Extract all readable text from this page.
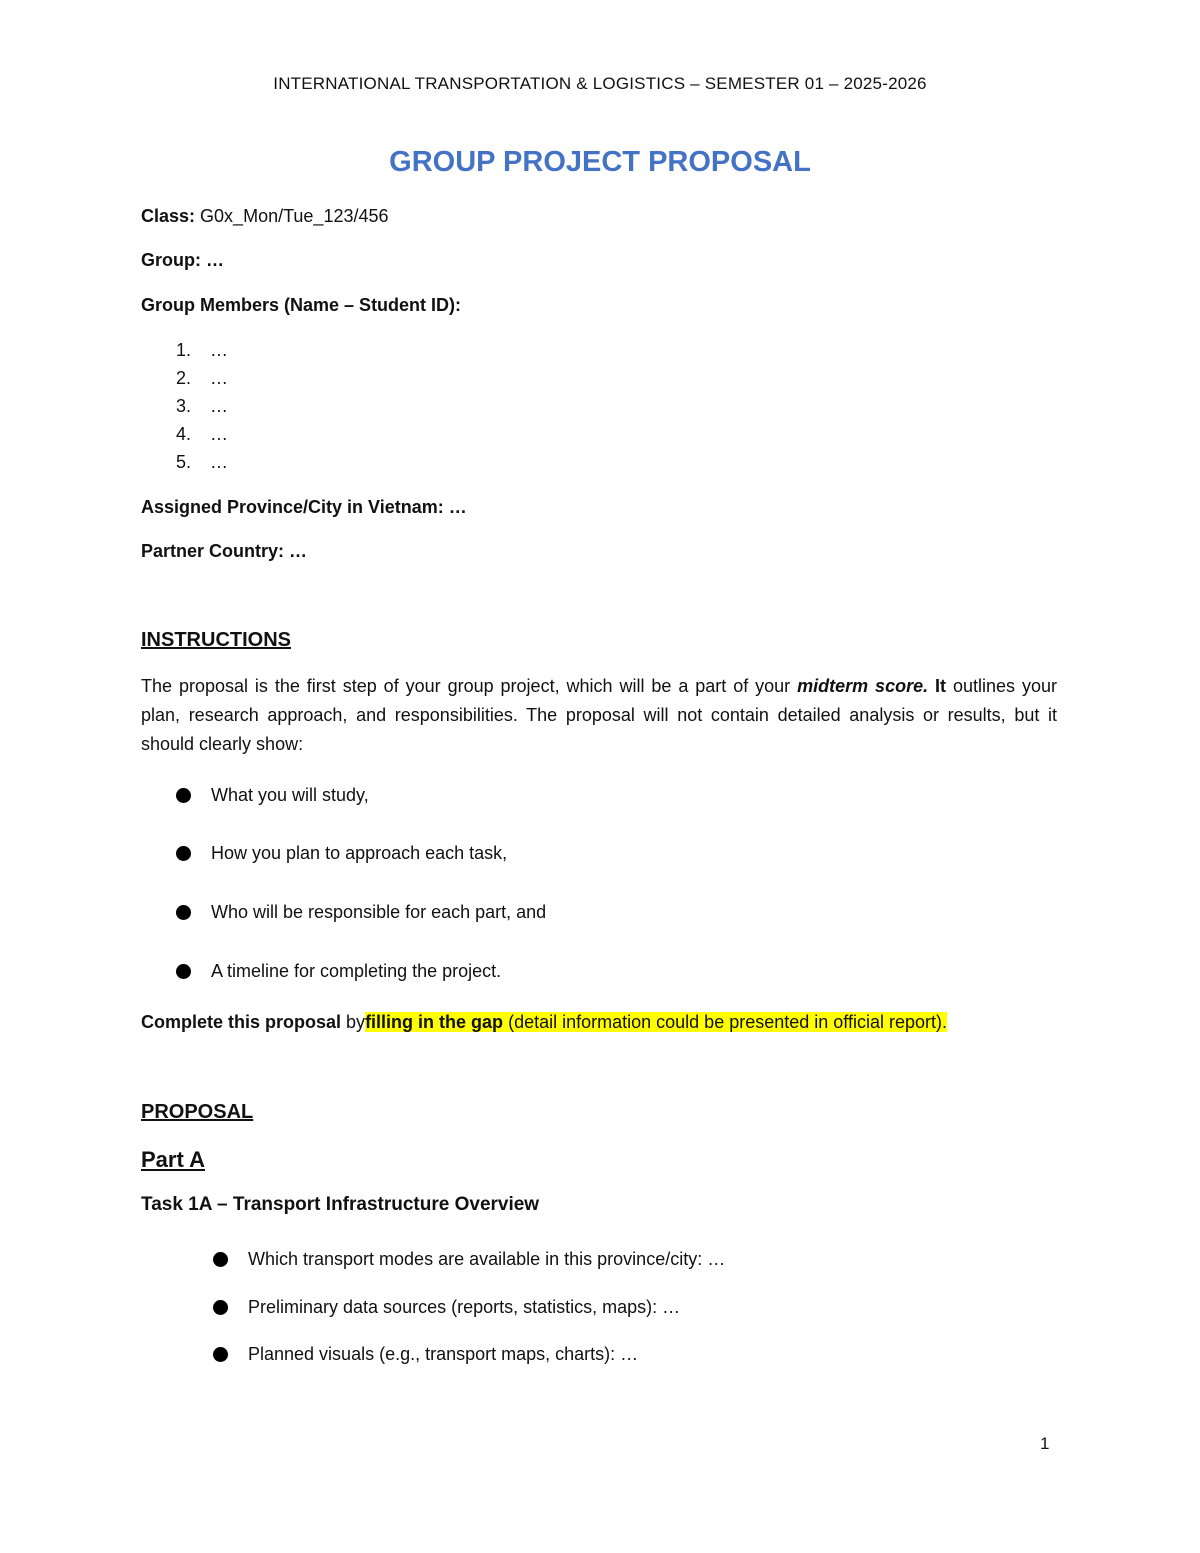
INTERNATIONAL TRANSPORTATION & LOGISTICS – SEMESTER 01 – 2025-2026

GROUP PROJECT PROPOSAL

Class: G0x_Mon/Tue_123/456

Group: …

Group Members (Name – Student ID):

1. …
2. …
3. …
4. …
5. …

Assigned Province/City in Vietnam: …

Partner Country: …

INSTRUCTIONS

The proposal is the first step of your group project, which will be a part of your midterm score. It outlines your plan, research approach, and responsibilities. The proposal will not contain detailed analysis or results, but it should clearly show:

What you will study,
How you plan to approach each task,
Who will be responsible for each part, and
A timeline for completing the project.

Complete this proposal byfilling in the gap (detail information could be presented in official report).

PROPOSAL
Part A
Task 1A – Transport Infrastructure Overview
Which transport modes are available in this province/city: …
Preliminary data sources (reports, statistics, maps): …
Planned visuals (e.g., transport maps, charts): …

1
